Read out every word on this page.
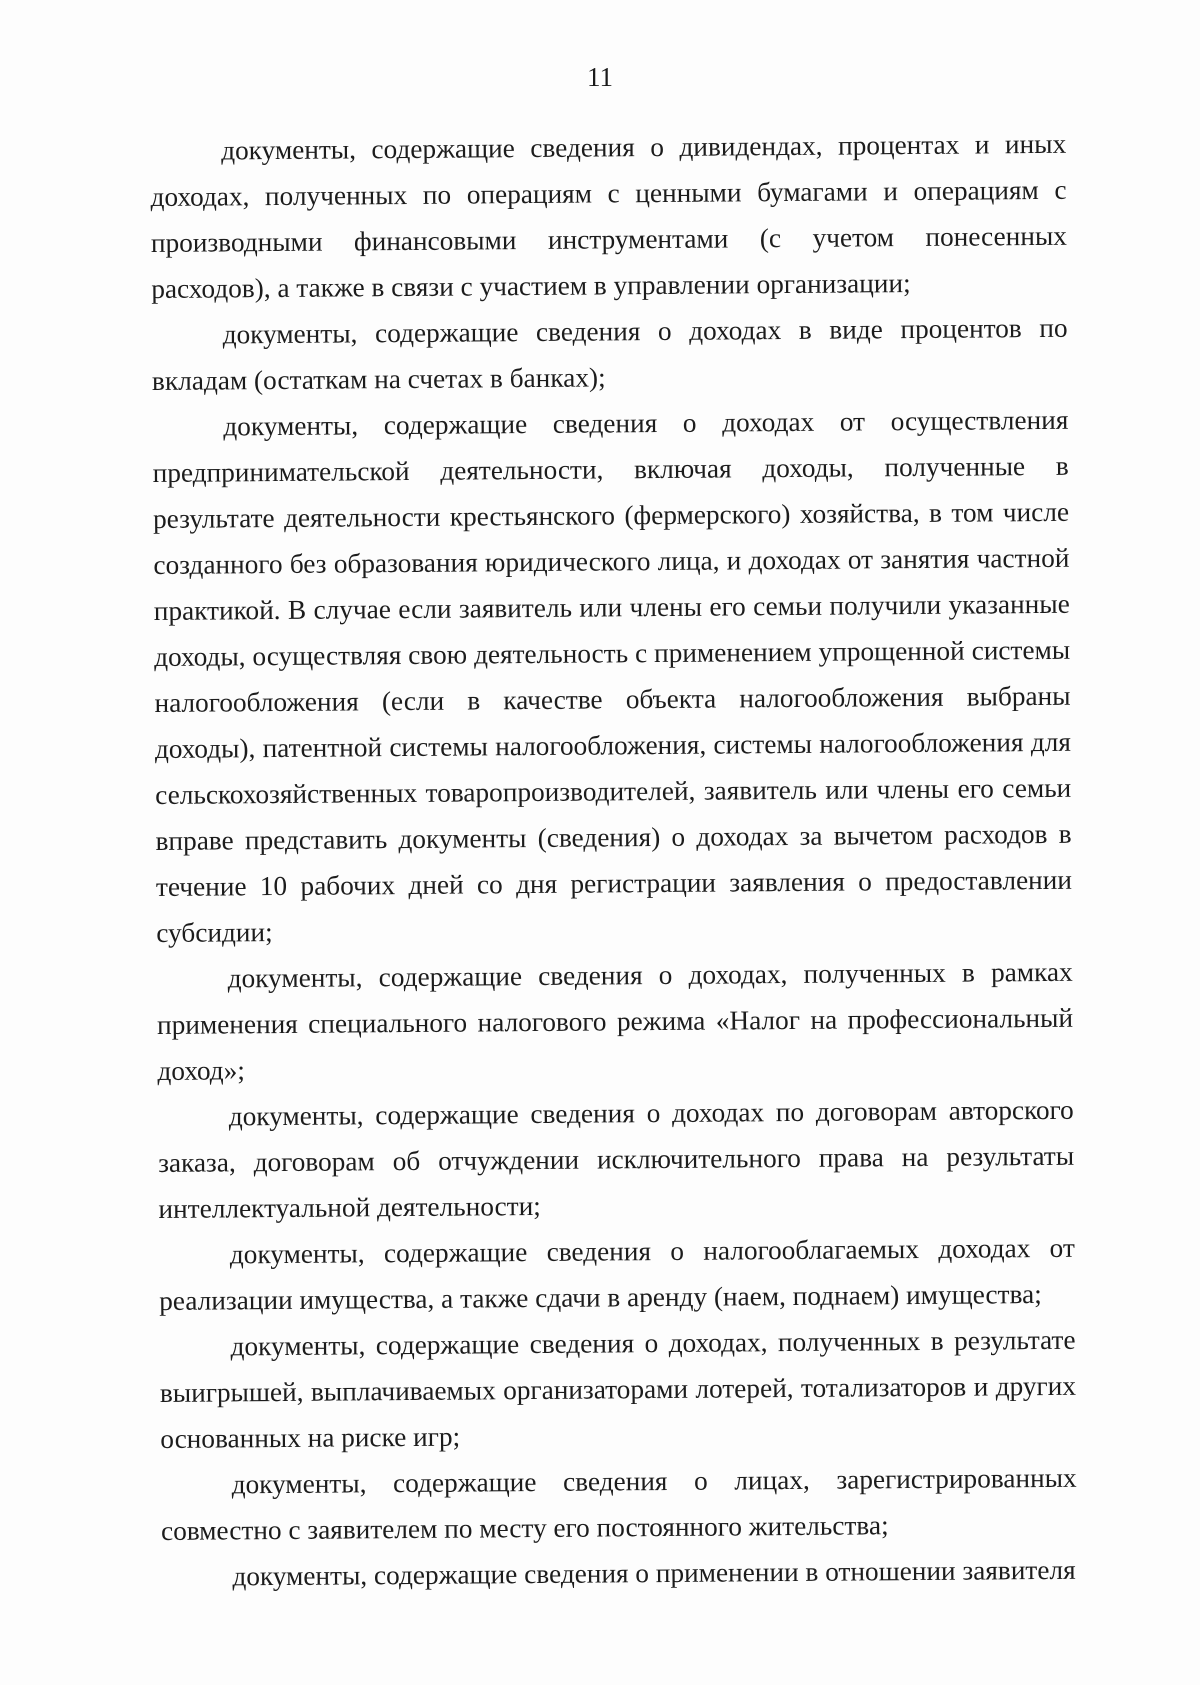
11

документы, содержащие сведения о дивидендах, процентах и иных доходах, полученных по операциям с ценными бумагами и операциям с производными финансовыми инструментами (с учетом понесенных расходов), а также в связи с участием в управлении организации;

документы, содержащие сведения о доходах в виде процентов по вкладам (остаткам на счетах в банках);

документы, содержащие сведения о доходах от осуществления предпринимательской деятельности, включая доходы, полученные в результате деятельности крестьянского (фермерского) хозяйства, в том числе созданного без образования юридического лица, и доходах от занятия частной практикой. В случае если заявитель или члены его семьи получили указанные доходы, осуществляя свою деятельность с применением упрощенной системы налогообложения (если в качестве объекта налогообложения выбраны доходы), патентной системы налогообложения, системы налогообложения для сельскохозяйственных товаропроизводителей, заявитель или члены его семьи вправе представить документы (сведения) о доходах за вычетом расходов в течение 10 рабочих дней со дня регистрации заявления о предоставлении субсидии;

документы, содержащие сведения о доходах, полученных в рамках применения специального налогового режима «Налог на профессиональный доход»;

документы, содержащие сведения о доходах по договорам авторского заказа, договорам об отчуждении исключительного права на результаты интеллектуальной деятельности;

документы, содержащие сведения о налогооблагаемых доходах от реализации имущества, а также сдачи в аренду (наем, поднаем) имущества;

документы, содержащие сведения о доходах, полученных в результате выигрышей, выплачиваемых организаторами лотерей, тотализаторов и других основанных на риске игр;

документы, содержащие сведения о лицах, зарегистрированных совместно с заявителем по месту его постоянного жительства;

документы, содержащие сведения о применении в отношении заявителя
